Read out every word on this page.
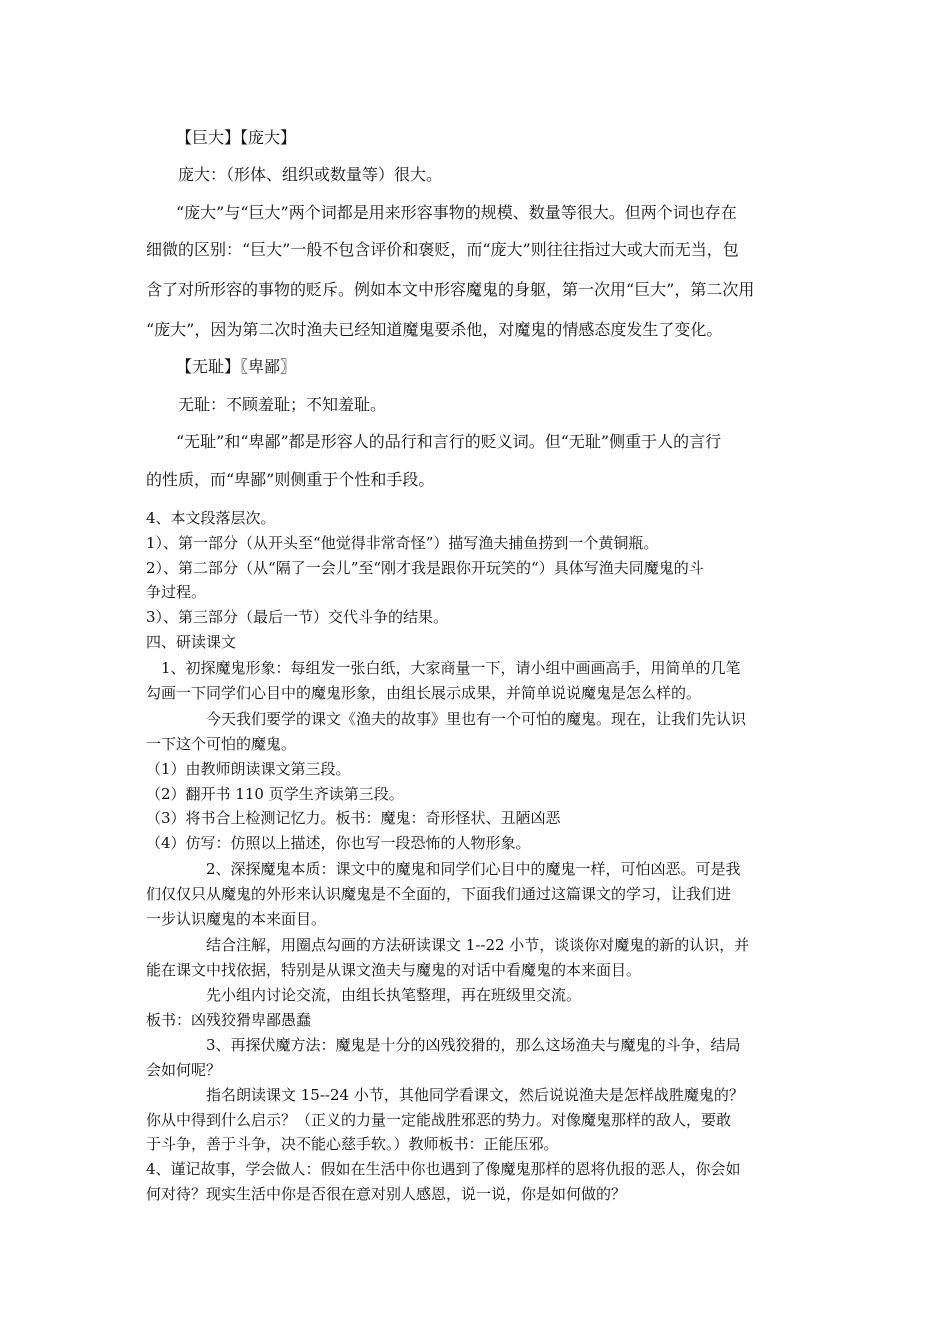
【巨大】【庞大】
庞大：（形体、组织或数量等）很大。
“庞大”与“巨大”两个词都是用来形容事物的规模、数量等很大。但两个词也存在
细微的区别：“巨大”一般不包含评价和褒贬，而“庞大”则往往指过大或大而无当，包
含了对所形容的事物的贬斥。例如本文中形容魔鬼的身躯，第一次用“巨大”，第二次用
“庞大”，因为第二次时渔夫已经知道魔鬼要杀他，对魔鬼的情感态度发生了变化。
【无耻】〖卑鄙〗
无耻：不顾羞耻；不知羞耻。
“无耻”和“卑鄙”都是形容人的品行和言行的贬义词。但“无耻”侧重于人的言行
的性质，而“卑鄙”则侧重于个性和手段。
4、本文段落层次。
1）、第一部分（从开头至“他觉得非常奇怪”）描写渔夫捕鱼捞到一个黄铜瓶。
2）、第二部分（从“隔了一会儿”至“刚才我是跟你开玩笑的“）具体写渔夫同魔鬼的斗
争过程。
3）、第三部分（最后一节）交代斗争的结果。
四、研读课文
1、初探魔鬼形象：每组发一张白纸，大家商量一下，请小组中画画高手，用简单的几笔
勾画一下同学们心目中的魔鬼形象，由组长展示成果，并简单说说魔鬼是怎么样的。
今天我们要学的课文《渔夫的故事》里也有一个可怕的魔鬼。现在，让我们先认识
一下这个可怕的魔鬼。
（1）由教师朗读课文第三段。
（2）翻开书 110 页学生齐读第三段。
（3）将书合上检测记忆力。板书：魔鬼：奇形怪状、丑陋凶恶
（4）仿写：仿照以上描述，你也写一段恐怖的人物形象。
2、深探魔鬼本质：课文中的魔鬼和同学们心目中的魔鬼一样，可怕凶恶。可是我
们仅仅只从魔鬼的外形来认识魔鬼是不全面的，下面我们通过这篇课文的学习，让我们进
一步认识魔鬼的本来面目。
结合注解，用圈点勾画的方法研读课文 1--22 小节，谈谈你对魔鬼的新的认识，并
能在课文中找依据，特别是从课文渔夫与魔鬼的对话中看魔鬼的本来面目。
先小组内讨论交流，由组长执笔整理，再在班级里交流。
板书：凶残狡猾卑鄙愚蠢
3、再探伏魔方法：魔鬼是十分的凶残狡猾的，那么这场渔夫与魔鬼的斗争，结局
会如何呢？
指名朗读课文 15--24 小节，其他同学看课文，然后说说渔夫是怎样战胜魔鬼的？
你从中得到什么启示？（正义的力量一定能战胜邪恶的势力。对像魔鬼那样的敌人，要敢
于斗争，善于斗争，决不能心慈手软。）教师板书：正能压邪。
4、谨记故事，学会做人：假如在生活中你也遇到了像魔鬼那样的恩将仇报的恶人，你会如
何对待？现实生活中你是否很在意对别人感恩，说一说，你是如何做的？
